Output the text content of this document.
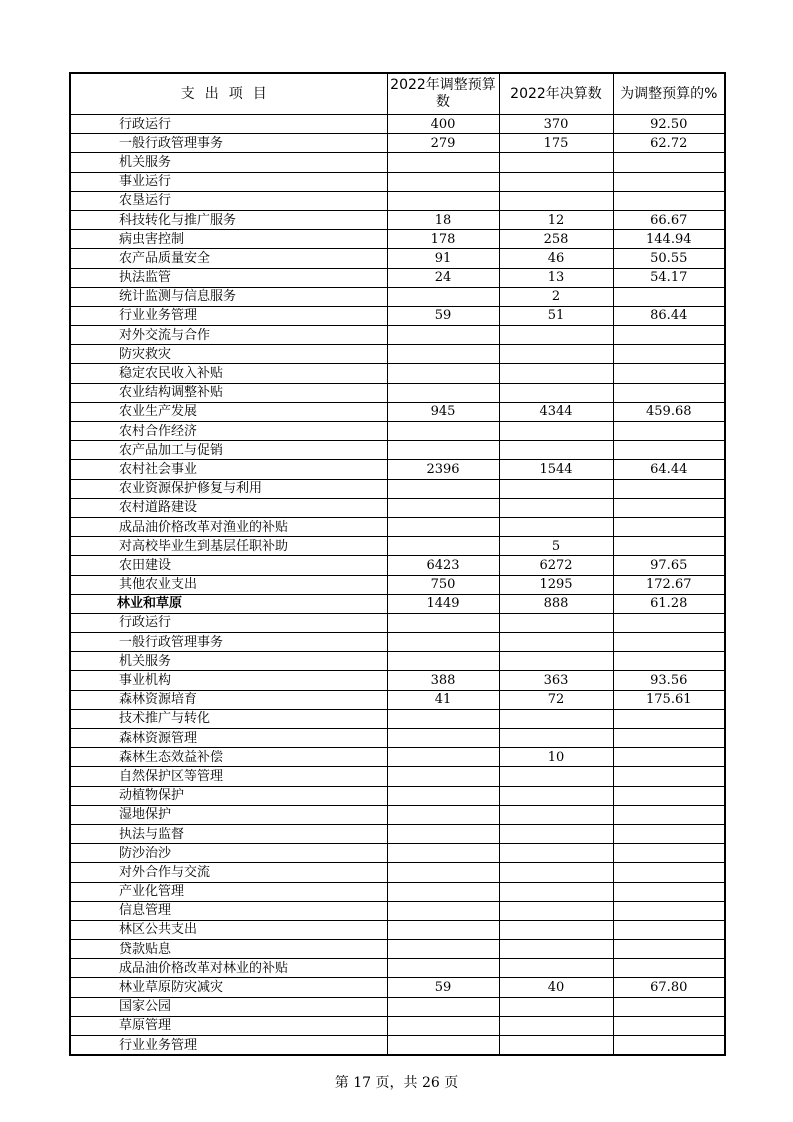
支出项目	2022年调整预算数	2022年决算数	为调整预算的%
行政运行	400	370	92.50
一般行政管理事务	279	175	62.72
机关服务			
事业运行			
农垦运行			
科技转化与推广服务	18	12	66.67
病虫害控制	178	258	144.94
农产品质量安全	91	46	50.55
执法监管	24	13	54.17
统计监测与信息服务		2	
行业业务管理	59	51	86.44
对外交流与合作			
防灾救灾			
稳定农民收入补贴			
农业结构调整补贴			
农业生产发展	945	4344	459.68
农村合作经济			
农产品加工与促销			
农村社会事业	2396	1544	64.44
农业资源保护修复与利用			
农村道路建设			
成品油价格改革对渔业的补贴			
对高校毕业生到基层任职补助		5	
农田建设	6423	6272	97.65
其他农业支出	750	1295	172.67
林业和草原	1449	888	61.28
行政运行			
一般行政管理事务			
机关服务			
事业机构	388	363	93.56
森林资源培育	41	72	175.61
技术推广与转化			
森林资源管理			
森林生态效益补偿		10	
自然保护区等管理			
动植物保护			
湿地保护			
执法与监督			
防沙治沙			
对外合作与交流			
产业化管理			
信息管理			
林区公共支出			
贷款贴息			
成品油价格改革对林业的补贴			
林业草原防灾减灾	59	40	67.80
国家公园			
草原管理			
行业业务管理			
第 17 页，共 26 页
